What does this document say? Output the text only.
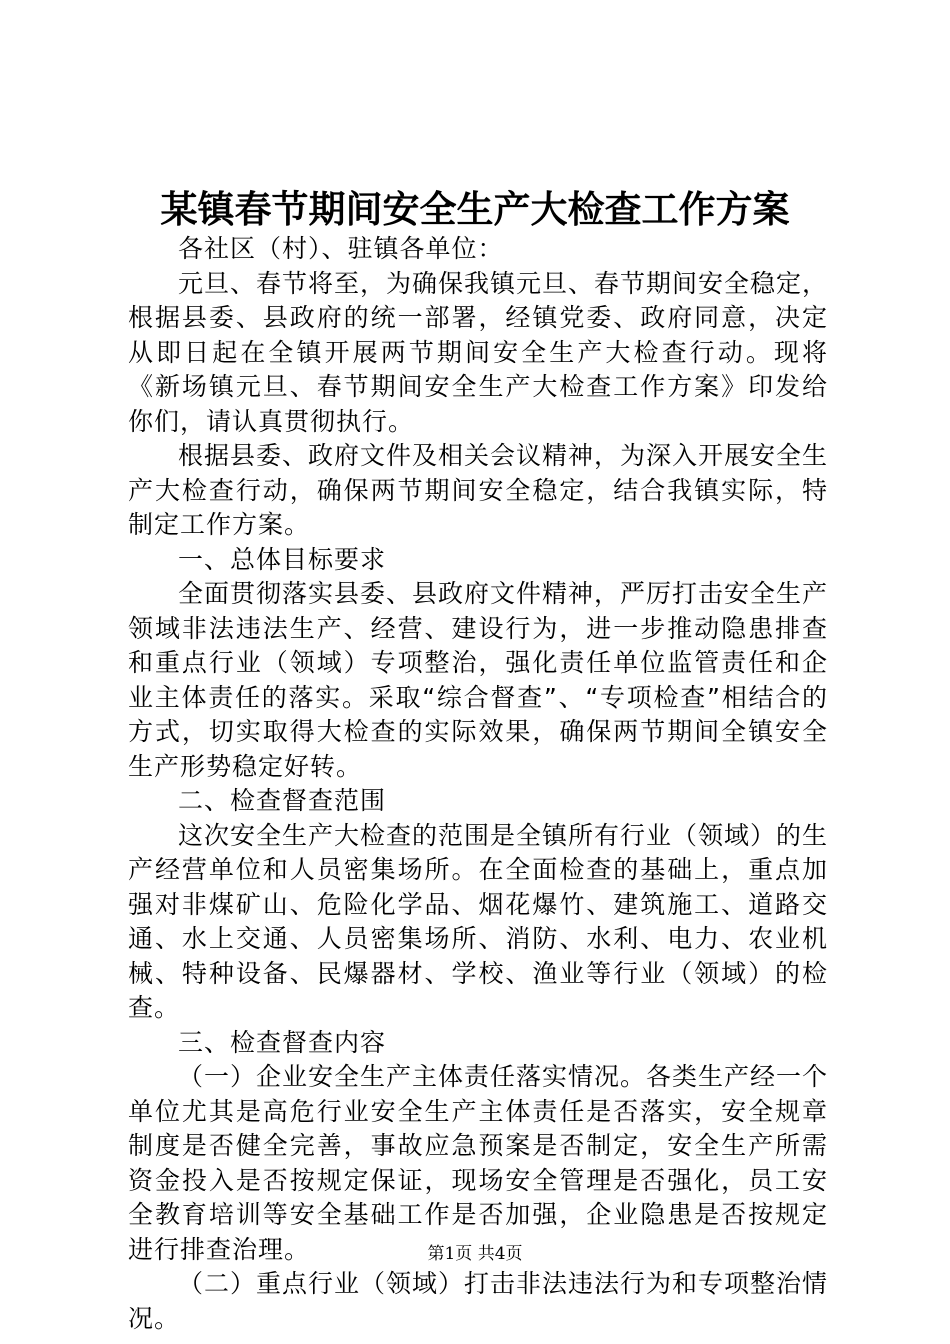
某镇春节期间安全生产大检查工作方案

各社区（村）、驻镇各单位：

元旦、春节将至，为确保我镇元旦、春节期间安全稳定，根据县委、县政府的统一部署，经镇党委、政府同意，决定从即日起在全镇开展两节期间安全生产大检查行动。现将《新场镇元旦、春节期间安全生产大检查工作方案》印发给你们，请认真贯彻执行。

根据县委、政府文件及相关会议精神，为深入开展安全生产大检查行动，确保两节期间安全稳定，结合我镇实际，特制定工作方案。

一、总体目标要求

全面贯彻落实县委、县政府文件精神，严厉打击安全生产领域非法违法生产、经营、建设行为，进一步推动隐患排查和重点行业（领域）专项整治，强化责任单位监管责任和企业主体责任的落实。采取“综合督查”、“专项检查”相结合的方式，切实取得大检查的实际效果，确保两节期间全镇安全生产形势稳定好转。

二、检查督查范围

这次安全生产大检查的范围是全镇所有行业（领域）的生产经营单位和人员密集场所。在全面检查的基础上，重点加强对非煤矿山、危险化学品、烟花爆竹、建筑施工、道路交通、水上交通、人员密集场所、消防、水利、电力、农业机械、特种设备、民爆器材、学校、渔业等行业（领域）的检查。

三、检查督查内容

（一）企业安全生产主体责任落实情况。各类生产经一个单位尤其是高危行业安全生产主体责任是否落实，安全规章制度是否健全完善，事故应急预案是否制定，安全生产所需资金投入是否按规定保证，现场安全管理是否强化，员工安全教育培训等安全基础工作是否加强，企业隐患是否按规定进行排查治理。

（二）重点行业（领域）打击非法违法行为和专项整治情况。

第1页 共4页
